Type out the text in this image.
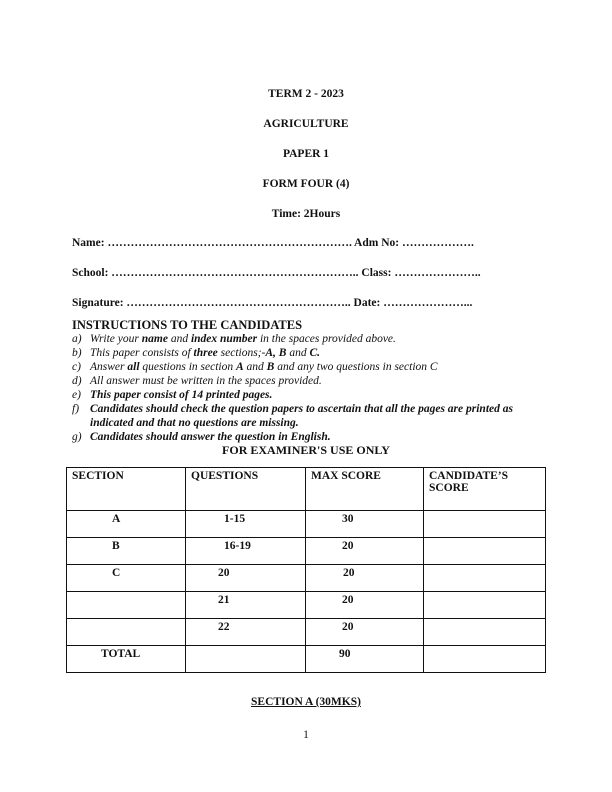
TERM 2 - 2023
AGRICULTURE
PAPER 1
FORM FOUR (4)
Time: 2Hours
Name: ………………………………………………………. Adm No: ……………….
School: ……………………………………………………….. Class: …………………..
Signature: ………………………………………………….. Date: …………………...
INSTRUCTIONS TO THE CANDIDATES
a) Write your name and index number in the spaces provided above.
b) This paper consists of three sections;-A, B and C.
c) Answer all questions in section A and B and any two questions in section C
d) All answer must be written in the spaces provided.
e) This paper consist of 14 printed pages.
f) Candidates should check the question papers to ascertain that all the pages are printed as indicated and that no questions are missing.
g) Candidates should answer the question in English.
FOR EXAMINER'S USE ONLY
SECTION	QUESTIONS	MAX SCORE	CANDIDATE’S SCORE
A	1-15	30	
B	16-19	20	
C	20	20	
	21	20	
	22	20	
TOTAL		90	
SECTION A (30MKS)
1
